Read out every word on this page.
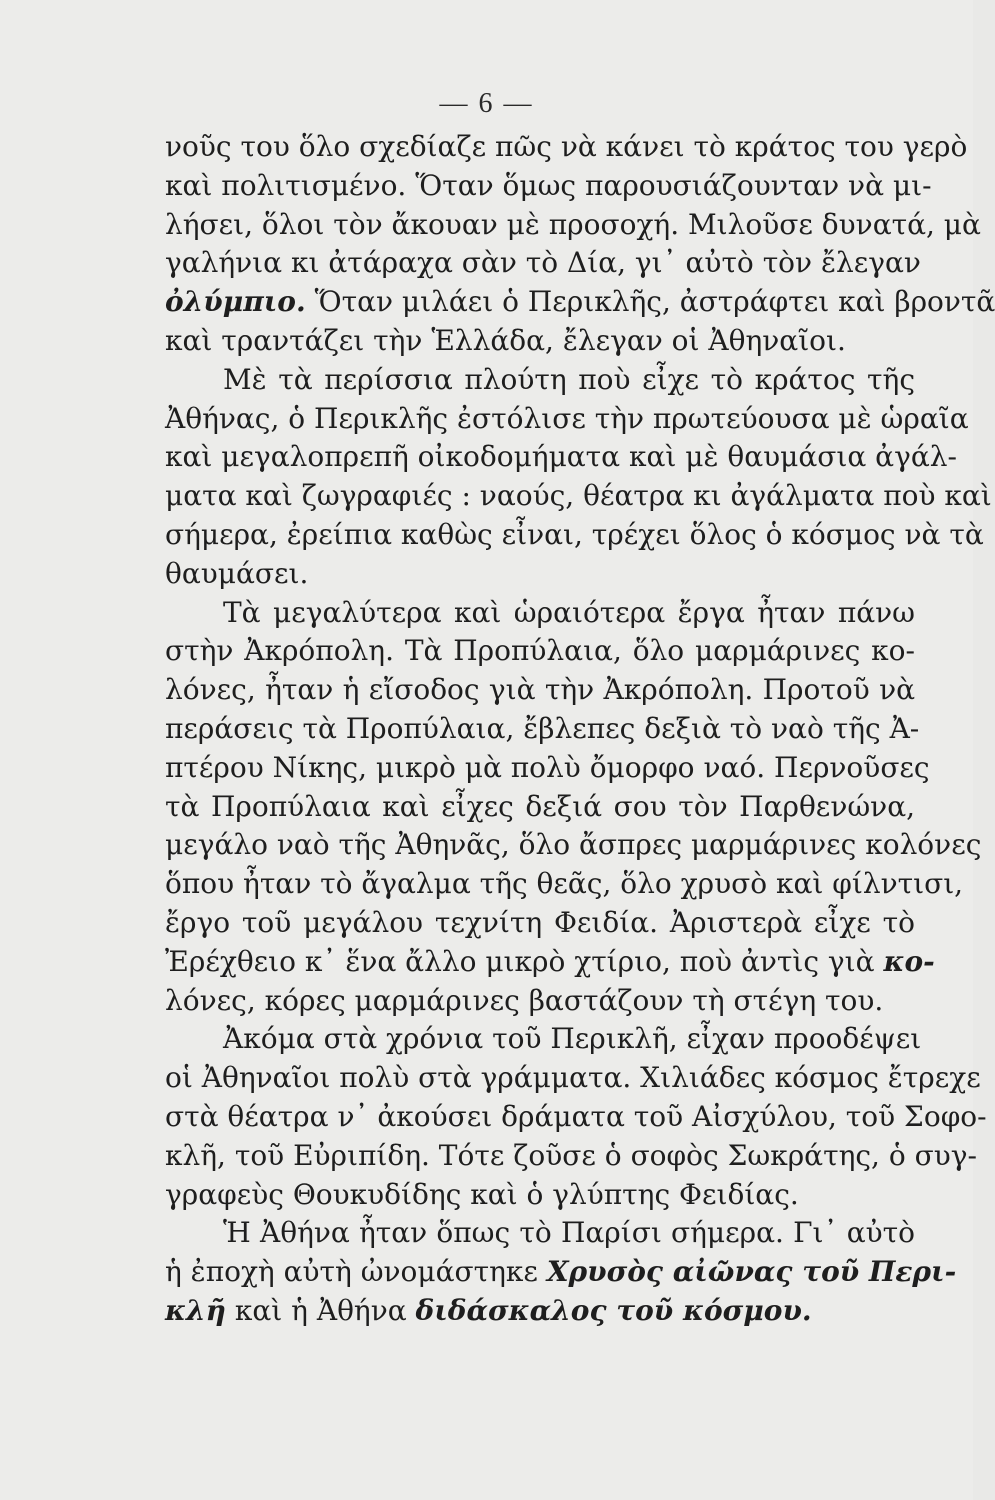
— 6 —
νοῦς του ὅλο σχεδίαζε πῶς νὰ κάνει τὸ κράτος του γερὸ
καὶ πολιτισμένο. Ὅταν ὅμως παρουσιάζουνταν νὰ μι-
λήσει, ὅλοι τὸν ἄκουαν μὲ προσοχή. Μιλοῦσε δυνατά, μὰ
γαλήνια κι ἀτάραχα σὰν τὸ Δία, γι᾽ αὐτὸ τὸν ἔλεγαν
ὀλύμπιο. Ὅταν μιλάει ὁ Περικλῆς, ἀστράφτει καὶ βροντᾶ
καὶ τραντάζει τὴν Ἑλλάδα, ἔλεγαν οἱ Ἀθηναῖοι.
Μὲ τὰ περίσσια πλούτη ποὺ εἶχε τὸ κράτος τῆς
Ἀθήνας, ὁ Περικλῆς ἐστόλισε τὴν πρωτεύουσα μὲ ὡραῖα
καὶ μεγαλοπρεπῆ οἰκοδομήματα καὶ μὲ θαυμάσια ἀγάλ-
ματα καὶ ζωγραφιές : ναούς, θέατρα κι ἀγάλματα ποὺ καὶ
σήμερα, ἐρείπια καθὼς εἶναι, τρέχει ὅλος ὁ κόσμος νὰ τὰ
θαυμάσει.
Τὰ μεγαλύτερα καὶ ὡραιότερα ἔργα ἦταν πάνω
στὴν Ἀκρόπολη. Τὰ Προπύλαια, ὅλο μαρμάρινες κο-
λόνες, ἦταν ἡ εἴσοδος γιὰ τὴν Ἀκρόπολη. Προτοῦ νὰ
περάσεις τὰ Προπύλαια, ἔβλεπες δεξιὰ τὸ ναὸ τῆς Ἀ-
πτέρου Νίκης, μικρὸ μὰ πολὺ ὄμορφο ναό. Περνοῦσες
τὰ Προπύλαια καὶ εἶχες δεξιά σου τὸν Παρθενώνα,
μεγάλο ναὸ τῆς Ἀθηνᾶς, ὅλο ἄσπρες μαρμάρινες κολόνες
ὅπου ἦταν τὸ ἄγαλμα τῆς θεᾶς, ὅλο χρυσὸ καὶ φίλντισι,
ἔργο τοῦ μεγάλου τεχνίτη Φειδία. Ἀριστερὰ εἶχε τὸ
Ἐρέχθειο κ᾽ ἕνα ἄλλο μικρὸ χτίριο, ποὺ ἀντὶς γιὰ κο-
λόνες, κόρες μαρμάρινες βαστάζουν τὴ στέγη του.
Ἀκόμα στὰ χρόνια τοῦ Περικλῆ, εἶχαν προοδέψει
οἱ Ἀθηναῖοι πολὺ στὰ γράμματα. Χιλιάδες κόσμος ἔτρεχε
στὰ θέατρα ν᾽ ἀκούσει δράματα τοῦ Αἰσχύλου, τοῦ Σοφο-
κλῆ, τοῦ Εὐριπίδη. Τότε ζοῦσε ὁ σοφὸς Σωκράτης, ὁ συγ-
γραφεὺς Θουκυδίδης καὶ ὁ γλύπτης Φειδίας.
Ἡ Ἀθήνα ἦταν ὅπως τὸ Παρίσι σήμερα. Γι᾽ αὐτὸ
ἡ ἐποχὴ αὐτὴ ὠνομάστηκε Χρυσὸς αἰῶνας τοῦ Περι-
κλῆ καὶ ἡ Ἀθήνα διδάσκαλος τοῦ κόσμου.
